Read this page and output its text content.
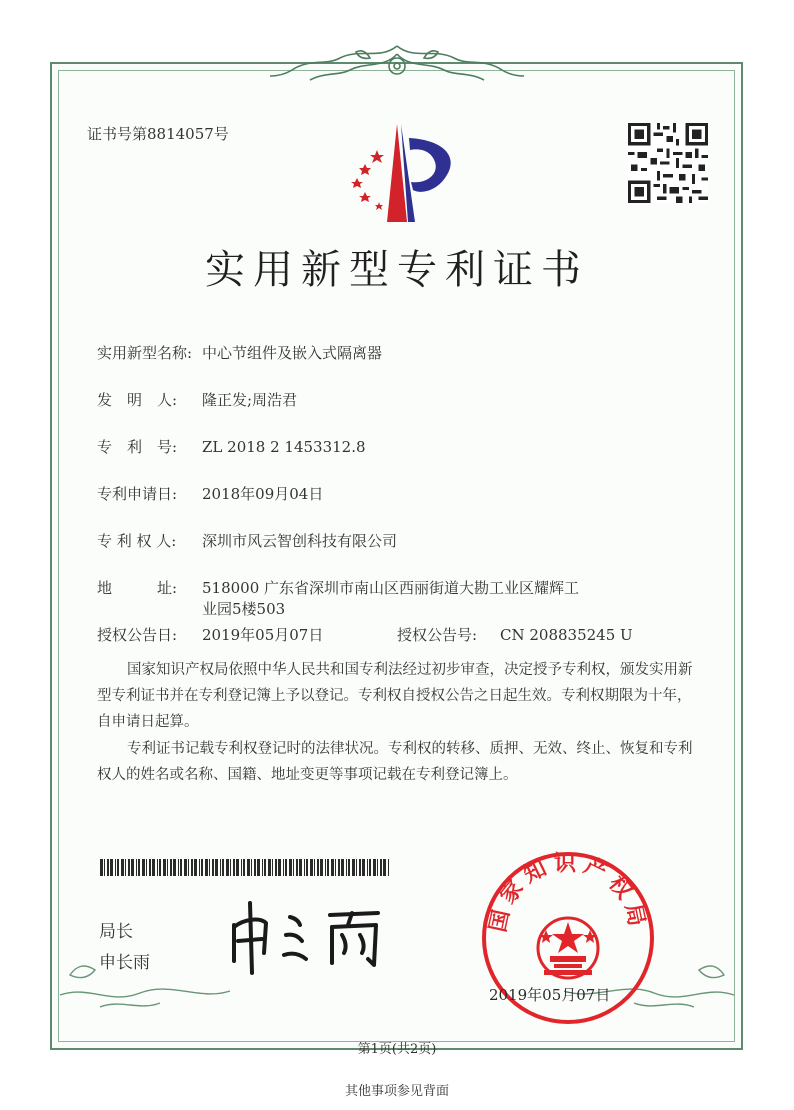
证书号第8814057号
实用新型专利证书
实用新型名称: 中心节组件及嵌入式隔离器
发　明　人: 隆正发;周浩君
专　利　号: ZL 2018 2 1453312.8
专利申请日: 2018年09月04日
专 利 权 人: 深圳市风云智创科技有限公司
地　　　址: 518000 广东省深圳市南山区西丽街道大勘工业区耀辉工
业园5楼503
授权公告日: 2019年05月07日	授权公告号: CN 208835245 U
国家知识产权局依照中华人民共和国专利法经过初步审查，决定授予专利权，颁发实用新型专利证书并在专利登记簿上予以登记。专利权自授权公告之日起生效。专利权期限为十年，自申请日起算。
专利证书记载专利权登记时的法律状况。专利权的转移、质押、无效、终止、恢复和专利权人的姓名或名称、国籍、地址变更等事项记载在专利登记簿上。
局长
申长雨
国家知识产权局
2019年05月07日
第1页(共2页)
其他事项参见背面
